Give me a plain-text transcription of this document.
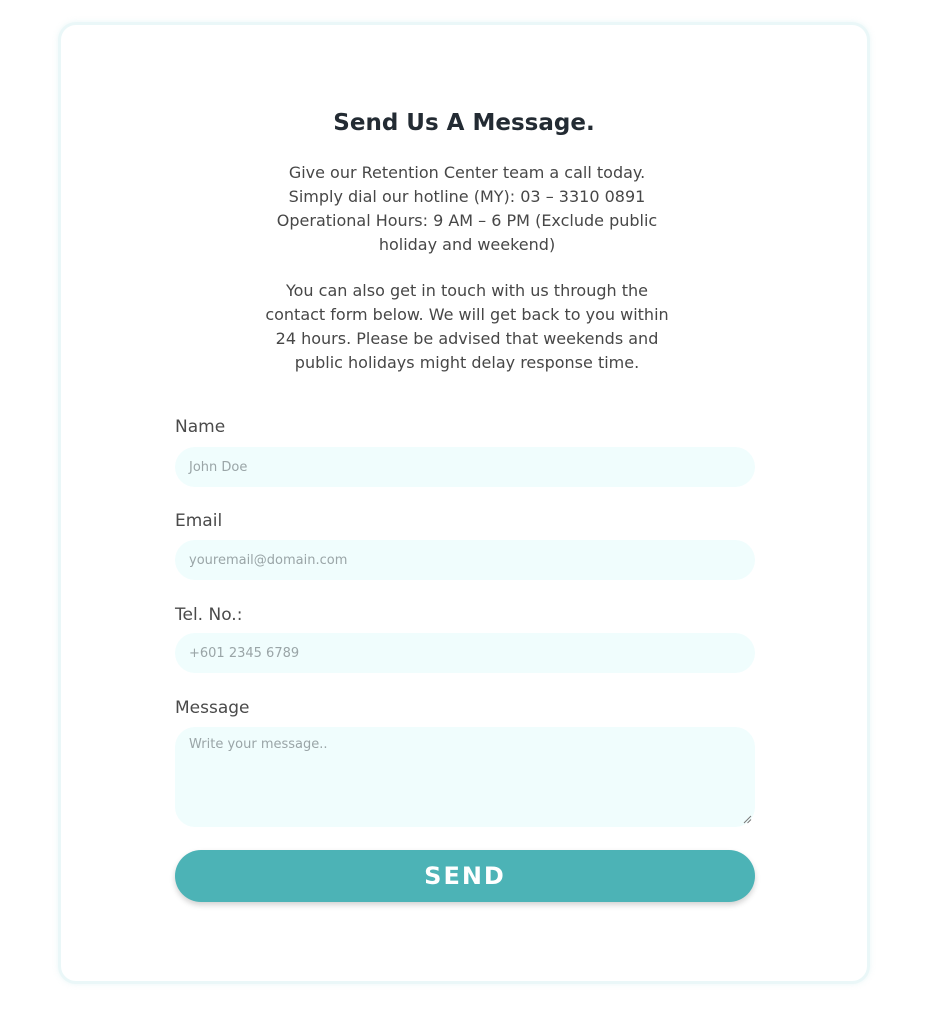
Send Us A Message.

Give our Retention Center team a call today.
Simply dial our hotline (MY): 03 – 3310 0891
Operational Hours: 9 AM – 6 PM (Exclude public
holiday and weekend)

You can also get in touch with us through the
contact form below. We will get back to you within
24 hours. Please be advised that weekends and
public holidays might delay response time.

Name
John Doe
Email
youremail@domain.com
Tel. No.:
+601 2345 6789
Message
Write your message..
SEND
